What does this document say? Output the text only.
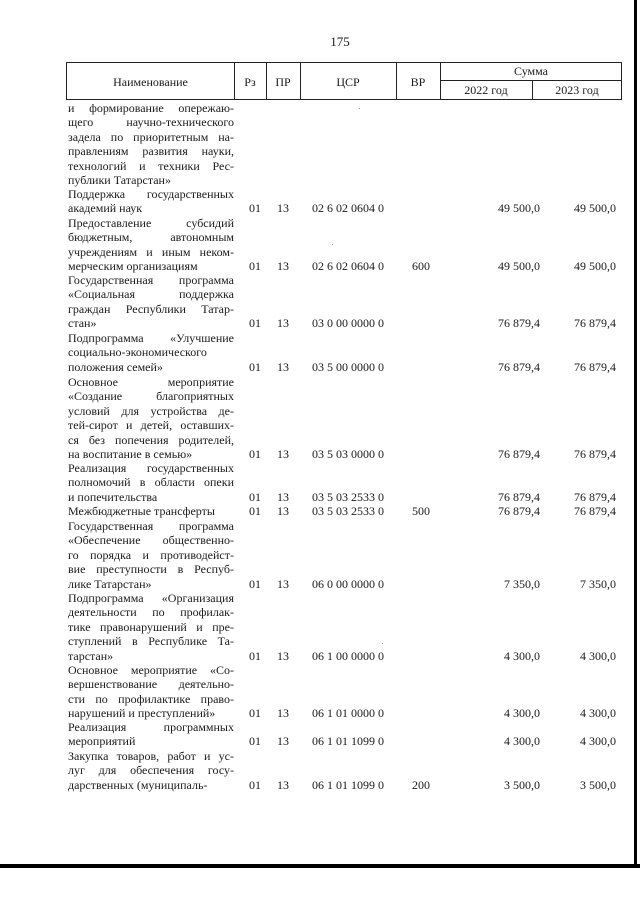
175
Наименование	Рз	ПР	ЦСР	ВР
Сумма
2022 год	2023 год
и формирование опережаю-
щего научно-технического
задела по приоритетным на-
правлениям развития науки,
технологий и техники Рес-
публики Татарстан»
Поддержка государственных
академий наук	01	13	02 6 02 0604 0	49 500,0	49 500,0
Предоставление субсидий
бюджетным, автономным
учреждениям и иным неком-
мерческим организациям	01	13	02 6 02 0604 0	600	49 500,0	49 500,0
Государственная программа
«Социальная поддержка
граждан Республики Татар-
стан»	01	13	03 0 00 0000 0	76 879,4	76 879,4
Подпрограмма «Улучшение
социально-экономического
положения семей»	01	13	03 5 00 0000 0	76 879,4	76 879,4
Основное мероприятие
«Создание благоприятных
условий для устройства де-
тей-сирот и детей, оставших-
ся без попечения родителей,
на воспитание в семью»	01	13	03 5 03 0000 0	76 879,4	76 879,4
Реализация государственных
полномочий в области опеки
и попечительства	01	13	03 5 03 2533 0	76 879,4	76 879,4
Межбюджетные трансферты	01	13	03 5 03 2533 0	500	76 879,4	76 879,4
Государственная программа
«Обеспечение общественно-
го порядка и противодейст-
вие преступности в Респуб-
лике Татарстан»	01	13	06 0 00 0000 0	7 350,0	7 350,0
Подпрограмма «Организация
деятельности по профилак-
тике правонарушений и пре-
ступлений в Республике Та-
тарстан»	01	13	06 1 00 0000 0	4 300,0	4 300,0
Основное мероприятие «Со-
вершенствование деятельно-
сти по профилактике право-
нарушений и преступлений»	01	13	06 1 01 0000 0	4 300,0	4 300,0
Реализация программных
мероприятий	01	13	06 1 01 1099 0	4 300,0	4 300,0
Закупка товаров, работ и ус-
луг для обеспечения госу-
дарственных (муниципаль-	01	13	06 1 01 1099 0	200	3 500,0	3 500,0
